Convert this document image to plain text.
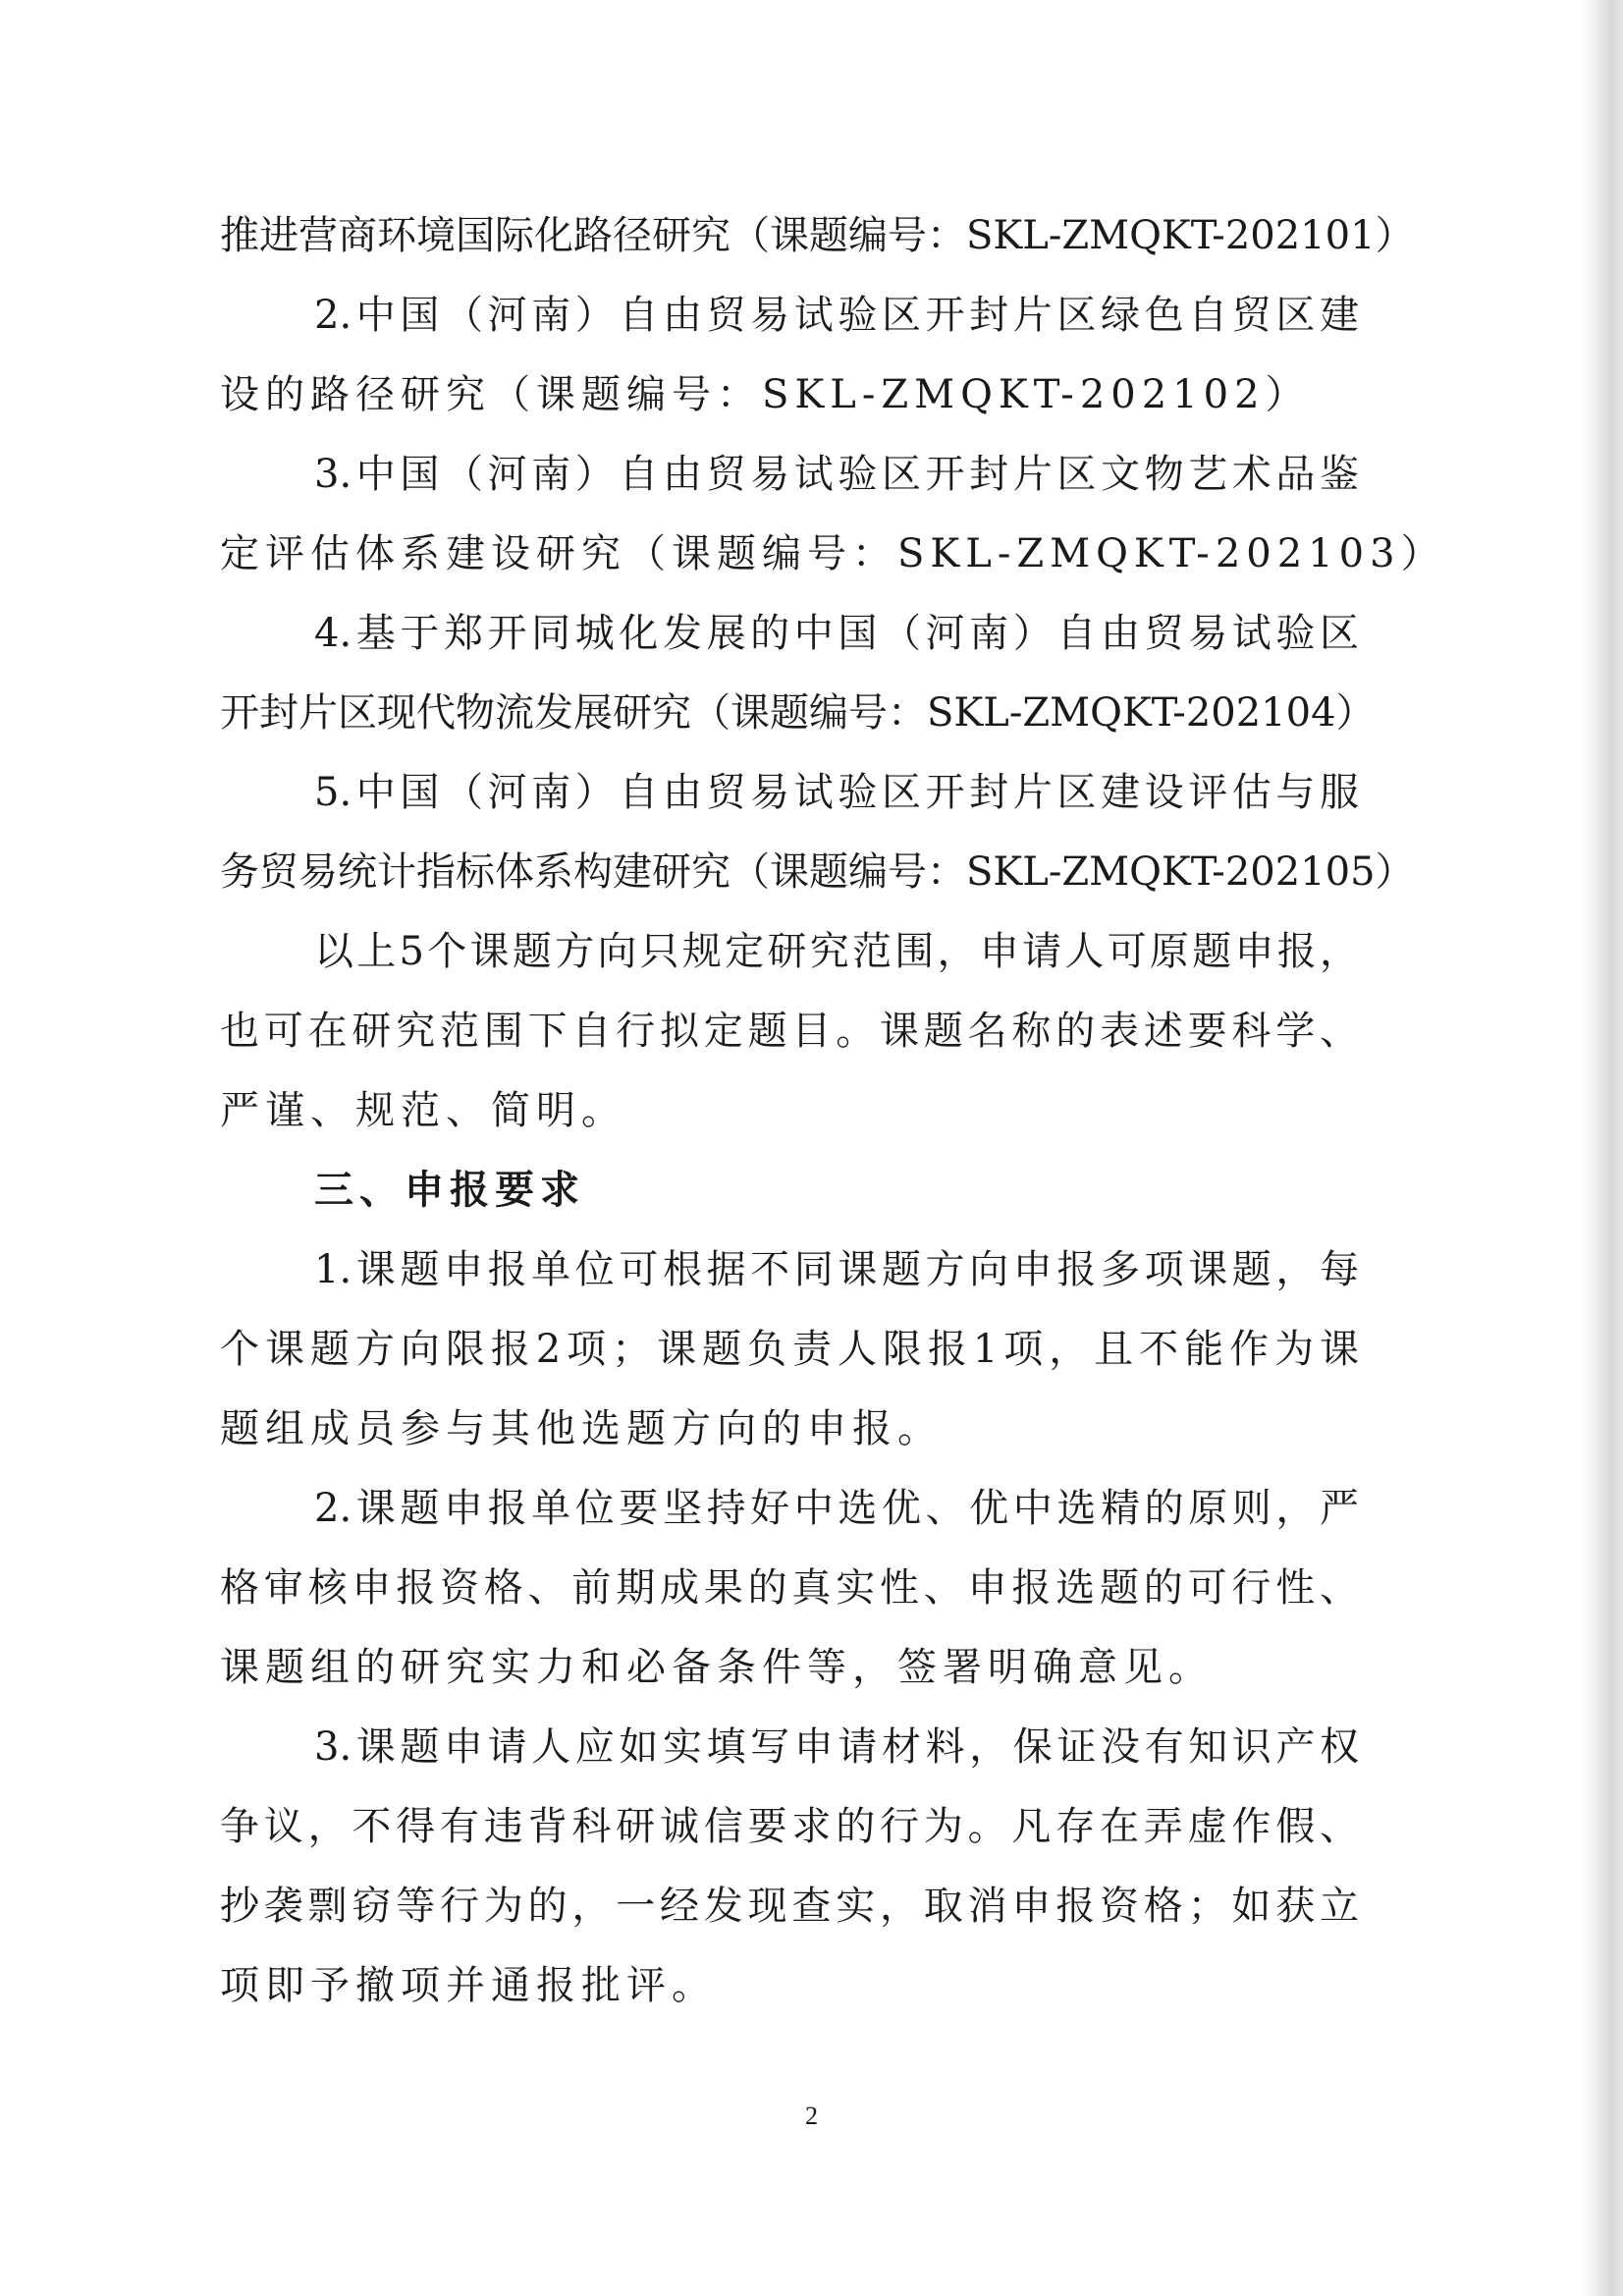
推进营商环境国际化路径研究（课题编号：SKL-ZMQKT-202101）
2.中国（河南）自由贸易试验区开封片区绿色自贸区建
设的路径研究（课题编号：SKL-ZMQKT-202102）
3.中国（河南）自由贸易试验区开封片区文物艺术品鉴
定评估体系建设研究（课题编号：SKL-ZMQKT-202103）
4.基于郑开同城化发展的中国（河南）自由贸易试验区
开封片区现代物流发展研究（课题编号：SKL-ZMQKT-202104）
5.中国（河南）自由贸易试验区开封片区建设评估与服
务贸易统计指标体系构建研究（课题编号：SKL-ZMQKT-202105）
以上5个课题方向只规定研究范围，申请人可原题申报，
也可在研究范围下自行拟定题目。课题名称的表述要科学、
严谨、规范、简明。
三、申报要求
1.课题申报单位可根据不同课题方向申报多项课题，每
个课题方向限报2项；课题负责人限报1项，且不能作为课
题组成员参与其他选题方向的申报。
2.课题申报单位要坚持好中选优、优中选精的原则，严
格审核申报资格、前期成果的真实性、申报选题的可行性、
课题组的研究实力和必备条件等，签署明确意见。
3.课题申请人应如实填写申请材料，保证没有知识产权
争议，不得有违背科研诚信要求的行为。凡存在弄虚作假、
抄袭剽窃等行为的，一经发现查实，取消申报资格；如获立
项即予撤项并通报批评。
2
